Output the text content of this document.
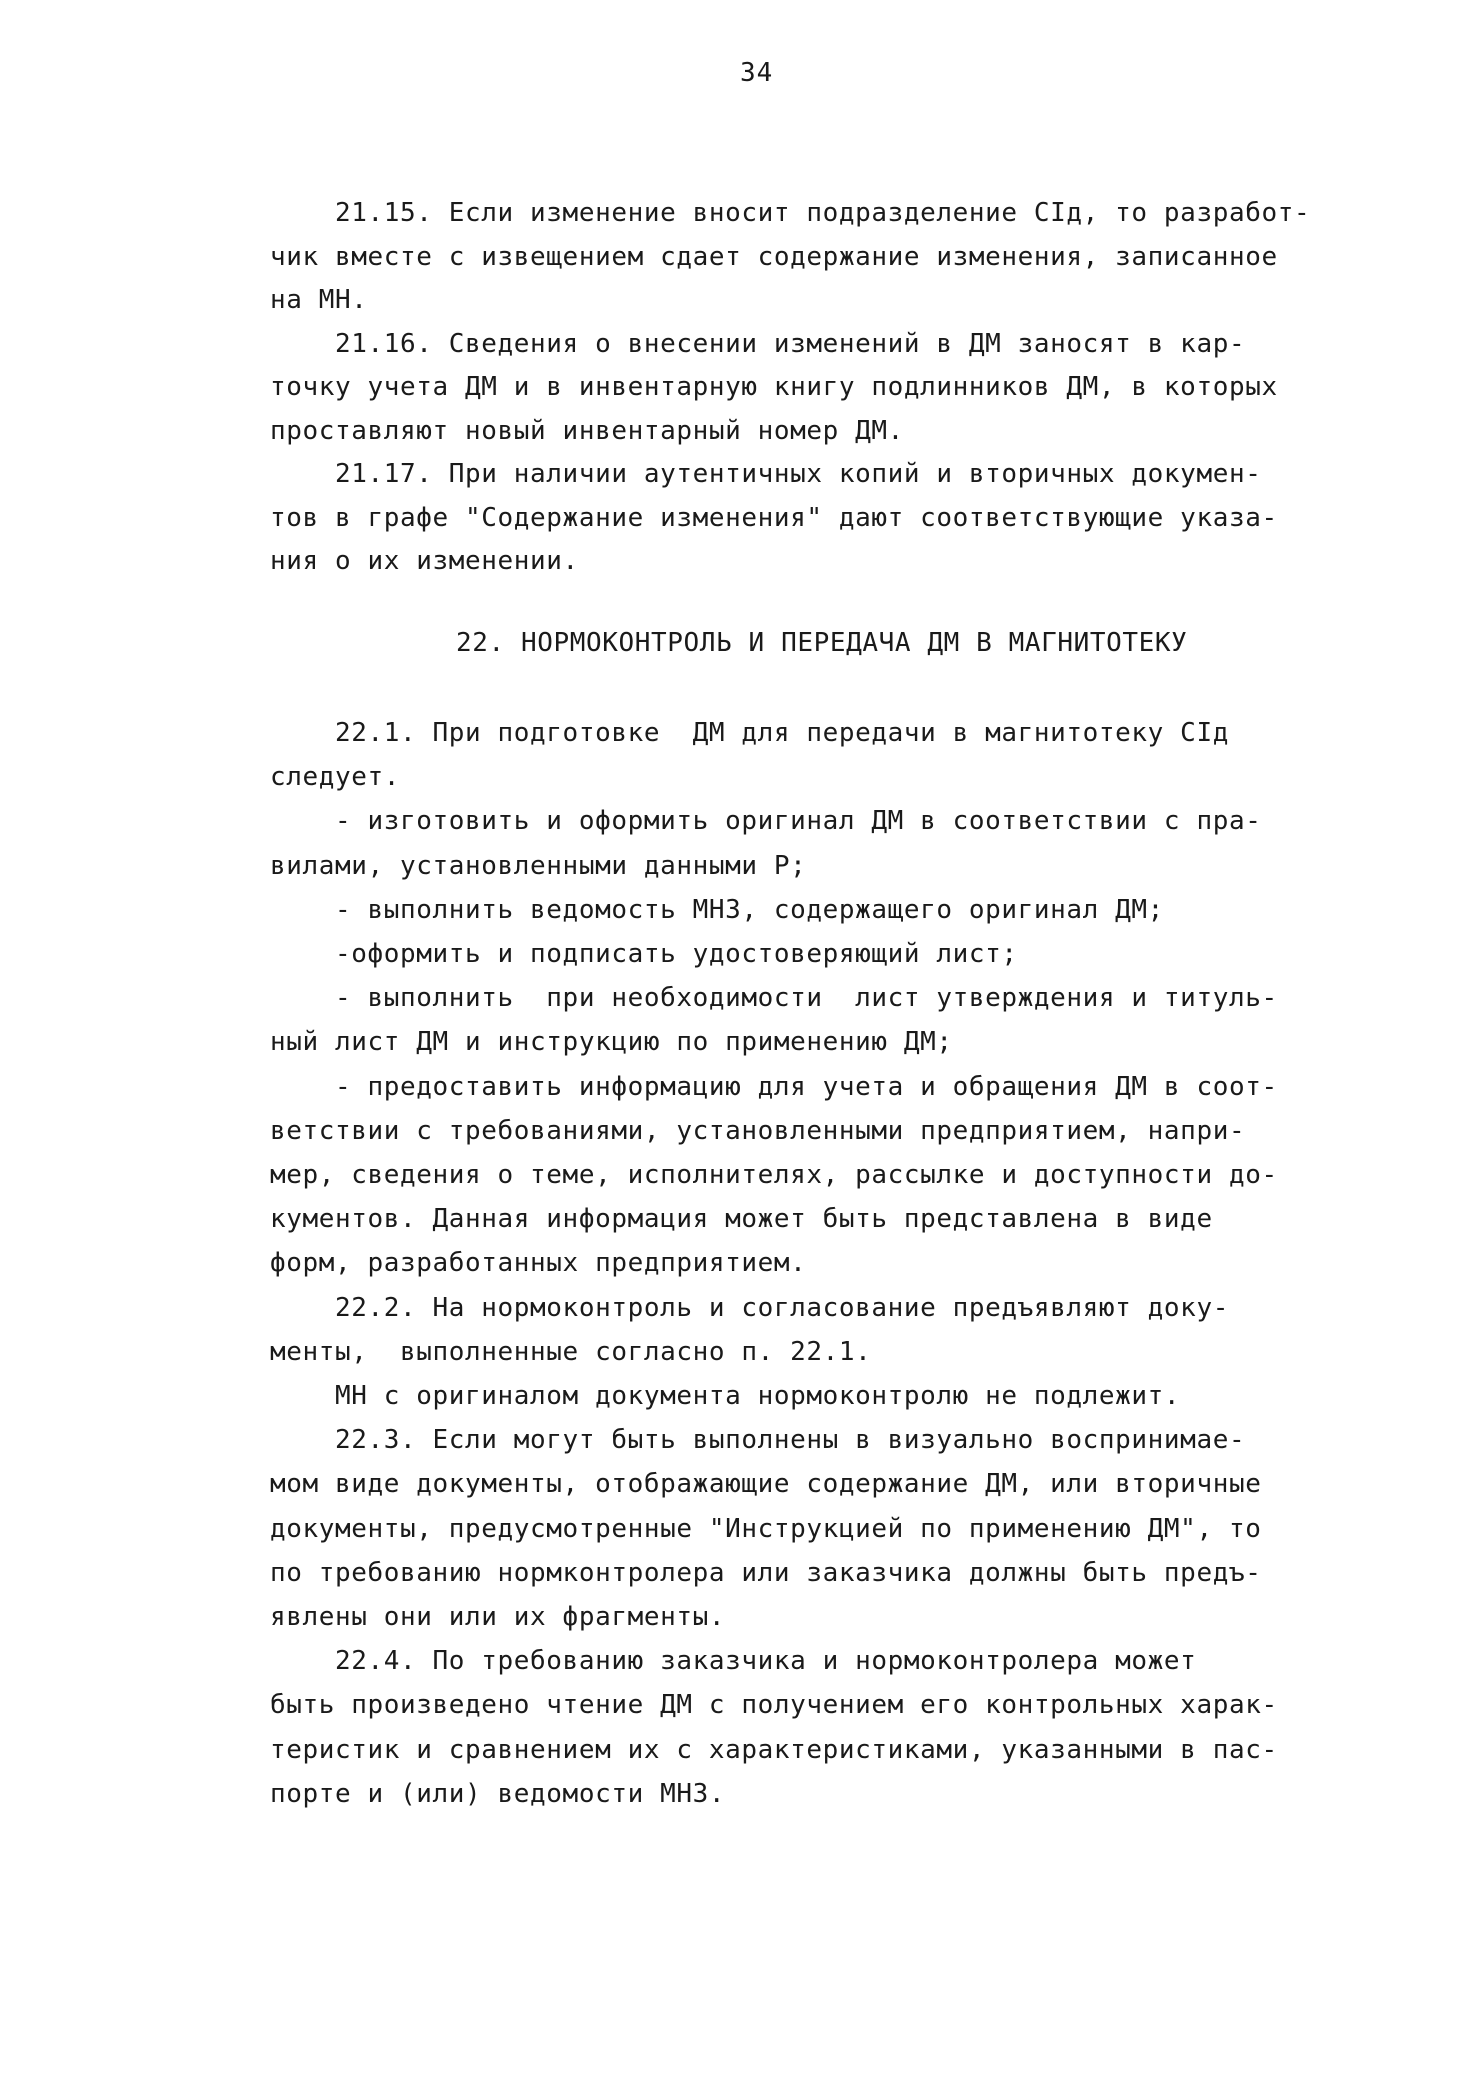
34
21.15. Если изменение вносит подразделение СІд, то разработ-
чик вместе с извещением сдает содержание изменения, записанное
на МН.
21.16. Сведения о внесении изменений в ДМ заносят в кар-
точку учета ДМ и в инвентарную книгу подлинников ДМ, в которых
проставляют новый инвентарный номер ДМ.
21.17. При наличии аутентичных копий и вторичных докумен-
тов в графе "Содержание изменения" дают соответствующие указа-
ния о их изменении.
22. НОРМОКОНТРОЛЬ И ПЕРЕДАЧА ДМ В МАГНИТОТЕКУ
22.1. При подготовке  ДМ для передачи в магнитотеку СІд
следует.
- изготовить и оформить оригинал ДМ в соответствии с пра-
вилами, установленными данными Р;
- выполнить ведомость МНЗ, содержащего оригинал ДМ;
-оформить и подписать удостоверяющий лист;
- выполнить  при необходимости  лист утверждения и титуль-
ный лист ДМ и инструкцию по применению ДМ;
- предоставить информацию для учета и обращения ДМ в соот-
ветствии с требованиями, установленными предприятием, напри-
мер, сведения о теме, исполнителях, рассылке и доступности до-
кументов. Данная информация может быть представлена в виде
форм, разработанных предприятием.
22.2. На нормоконтроль и согласование предъявляют доку-
менты,  выполненные согласно п. 22.1.
МН с оригиналом документа нормоконтролю не подлежит.
22.3. Если могут быть выполнены в визуально воспринимае-
мом виде документы, отображающие содержание ДМ, или вторичные
документы, предусмотренные "Инструкцией по применению ДМ", то
по требованию нормконтролера или заказчика должны быть предъ-
явлены они или их фрагменты.
22.4. По требованию заказчика и нормоконтролера может
быть произведено чтение ДМ с получением его контрольных харак-
теристик и сравнением их с характеристиками, указанными в пас-
порте и (или) ведомости МНЗ.
